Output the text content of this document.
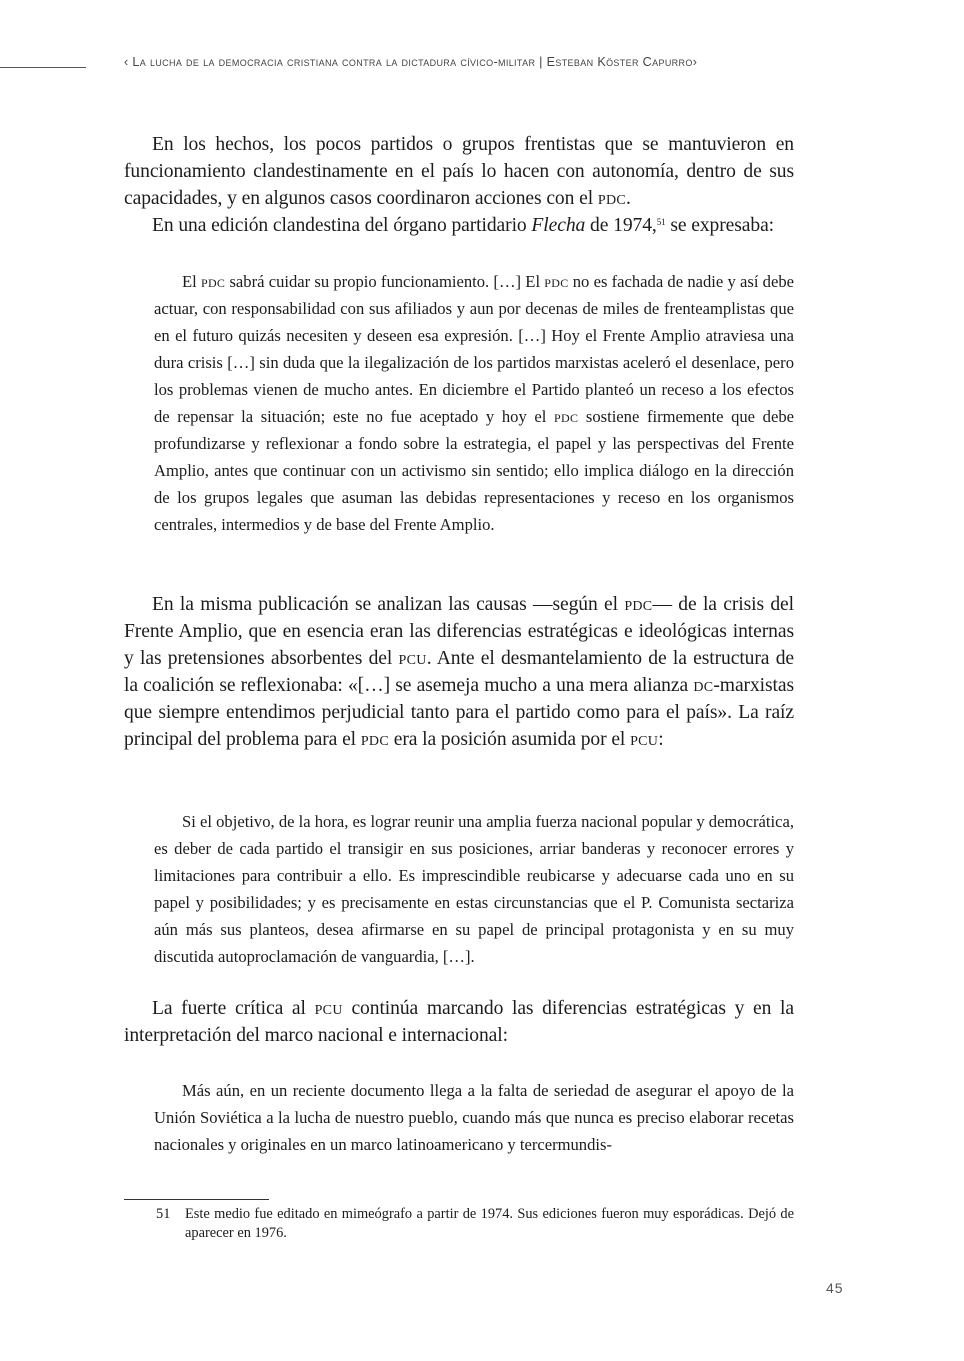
‹ La lucha de la democracia cristiana contra la dictadura cívico-militar | Esteban Köster Capurro›

En los hechos, los pocos partidos o grupos frentistas que se mantuvieron en funcionamiento clandestinamente en el país lo hacen con autonomía, dentro de sus capacidades, y en algunos casos coordinaron acciones con el pdc.

En una edición clandestina del órgano partidario Flecha de 1974,51 se expresaba:

El pdc sabrá cuidar su propio funcionamiento. […] El pdc no es fachada de nadie y así debe actuar, con responsabilidad con sus afiliados y aun por decenas de miles de frenteamplistas que en el futuro quizás necesiten y deseen esa expresión. […] Hoy el Frente Amplio atraviesa una dura crisis […] sin duda que la ilegalización de los partidos marxistas aceleró el desenlace, pero los problemas vienen de mucho antes. En diciembre el Partido planteó un receso a los efectos de repensar la situación; este no fue aceptado y hoy el pdc sostiene firmemente que debe profundizarse y reflexionar a fondo sobre la estrategia, el papel y las perspectivas del Frente Amplio, antes que continuar con un activismo sin sentido; ello implica diálogo en la dirección de los grupos legales que asuman las debidas representaciones y receso en los organismos centrales, intermedios y de base del Frente Amplio.

En la misma publicación se analizan las causas —según el pdc— de la crisis del Frente Amplio, que en esencia eran las diferencias estratégicas e ideológicas internas y las pretensiones absorbentes del pcu. Ante el desmantelamiento de la estructura de la coalición se reflexionaba: «[…] se asemeja mucho a una mera alianza dc-marxistas que siempre entendimos perjudicial tanto para el partido como para el país». La raíz principal del problema para el pdc era la posición asumida por el pcu:

Si el objetivo, de la hora, es lograr reunir una amplia fuerza nacional popular y democrática, es deber de cada partido el transigir en sus posiciones, arriar banderas y reconocer errores y limitaciones para contribuir a ello. Es imprescindible reubicarse y adecuarse cada uno en su papel y posibilidades; y es precisamente en estas circunstancias que el P. Comunista sectariza aún más sus planteos, desea afirmarse en su papel de principal protagonista y en su muy discutida autoproclamación de vanguardia, […].

La fuerte crítica al pcu continúa marcando las diferencias estratégicas y en la interpretación del marco nacional e internacional:

Más aún, en un reciente documento llega a la falta de seriedad de asegurar el apoyo de la Unión Soviética a la lucha de nuestro pueblo, cuando más que nunca es preciso elaborar recetas nacionales y originales en un marco latinoamericano y tercermundis-

51 Este medio fue editado en mimeógrafo a partir de 1974. Sus ediciones fueron muy esporádicas. Dejó de aparecer en 1976.
45
